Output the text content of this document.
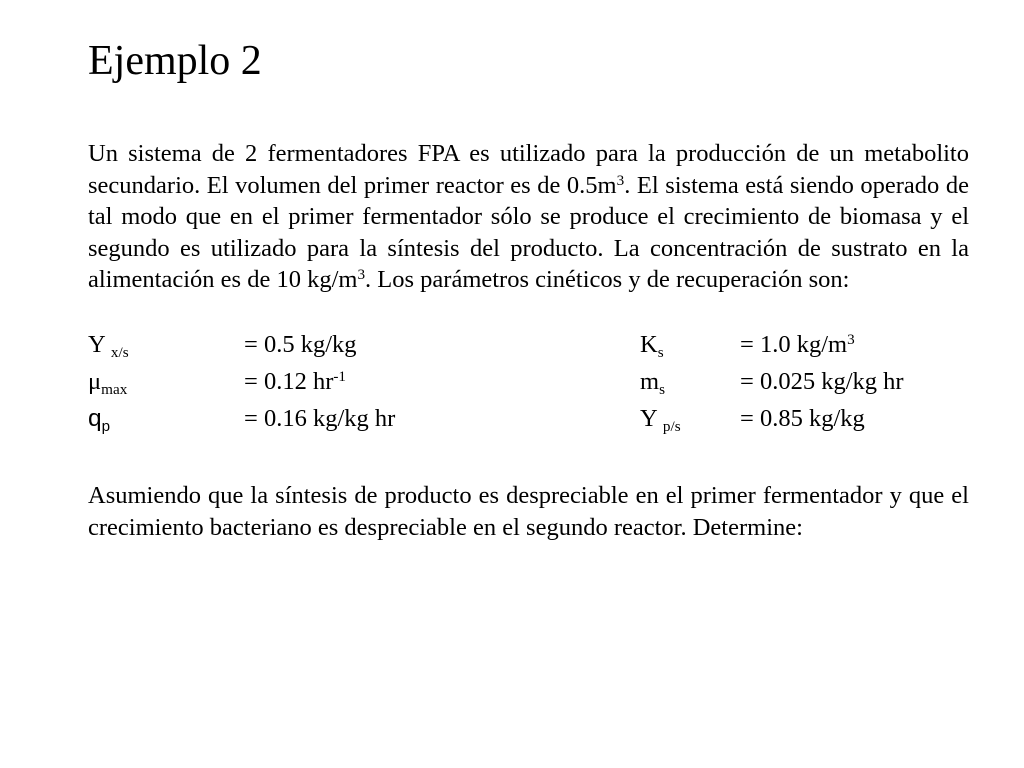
Ejemplo 2

Un sistema de 2 fermentadores FPA es utilizado para la producción de un metabolito secundario. El volumen del primer reactor es de $0.5m^3$. El sistema está siendo operado de tal modo que en el primer fermentador sólo se produce el crecimiento de biomasa y el segundo es utilizado para la síntesis del producto. La concentración de sustrato en la alimentación es de 10 $kg/m^3$. Los parámetros cinéticos y de recuperación son:

Y $_{x/s}$	= 0.5 kg/kg	$K_s$	= 1.0 $kg/m^3$
$\mu_{max}$	= 0.12 $hr^{-1}$	$m_s$	= 0.025 kg/kg hr
$q_p$	= 0.16 kg/kg hr	Y $_{p/s}$ = 0.85 kg/kg

Asumiendo que la síntesis de producto es despreciable en el primer fermentador y que el crecimiento bacteriano es despreciable en el segundo reactor. Determine:
